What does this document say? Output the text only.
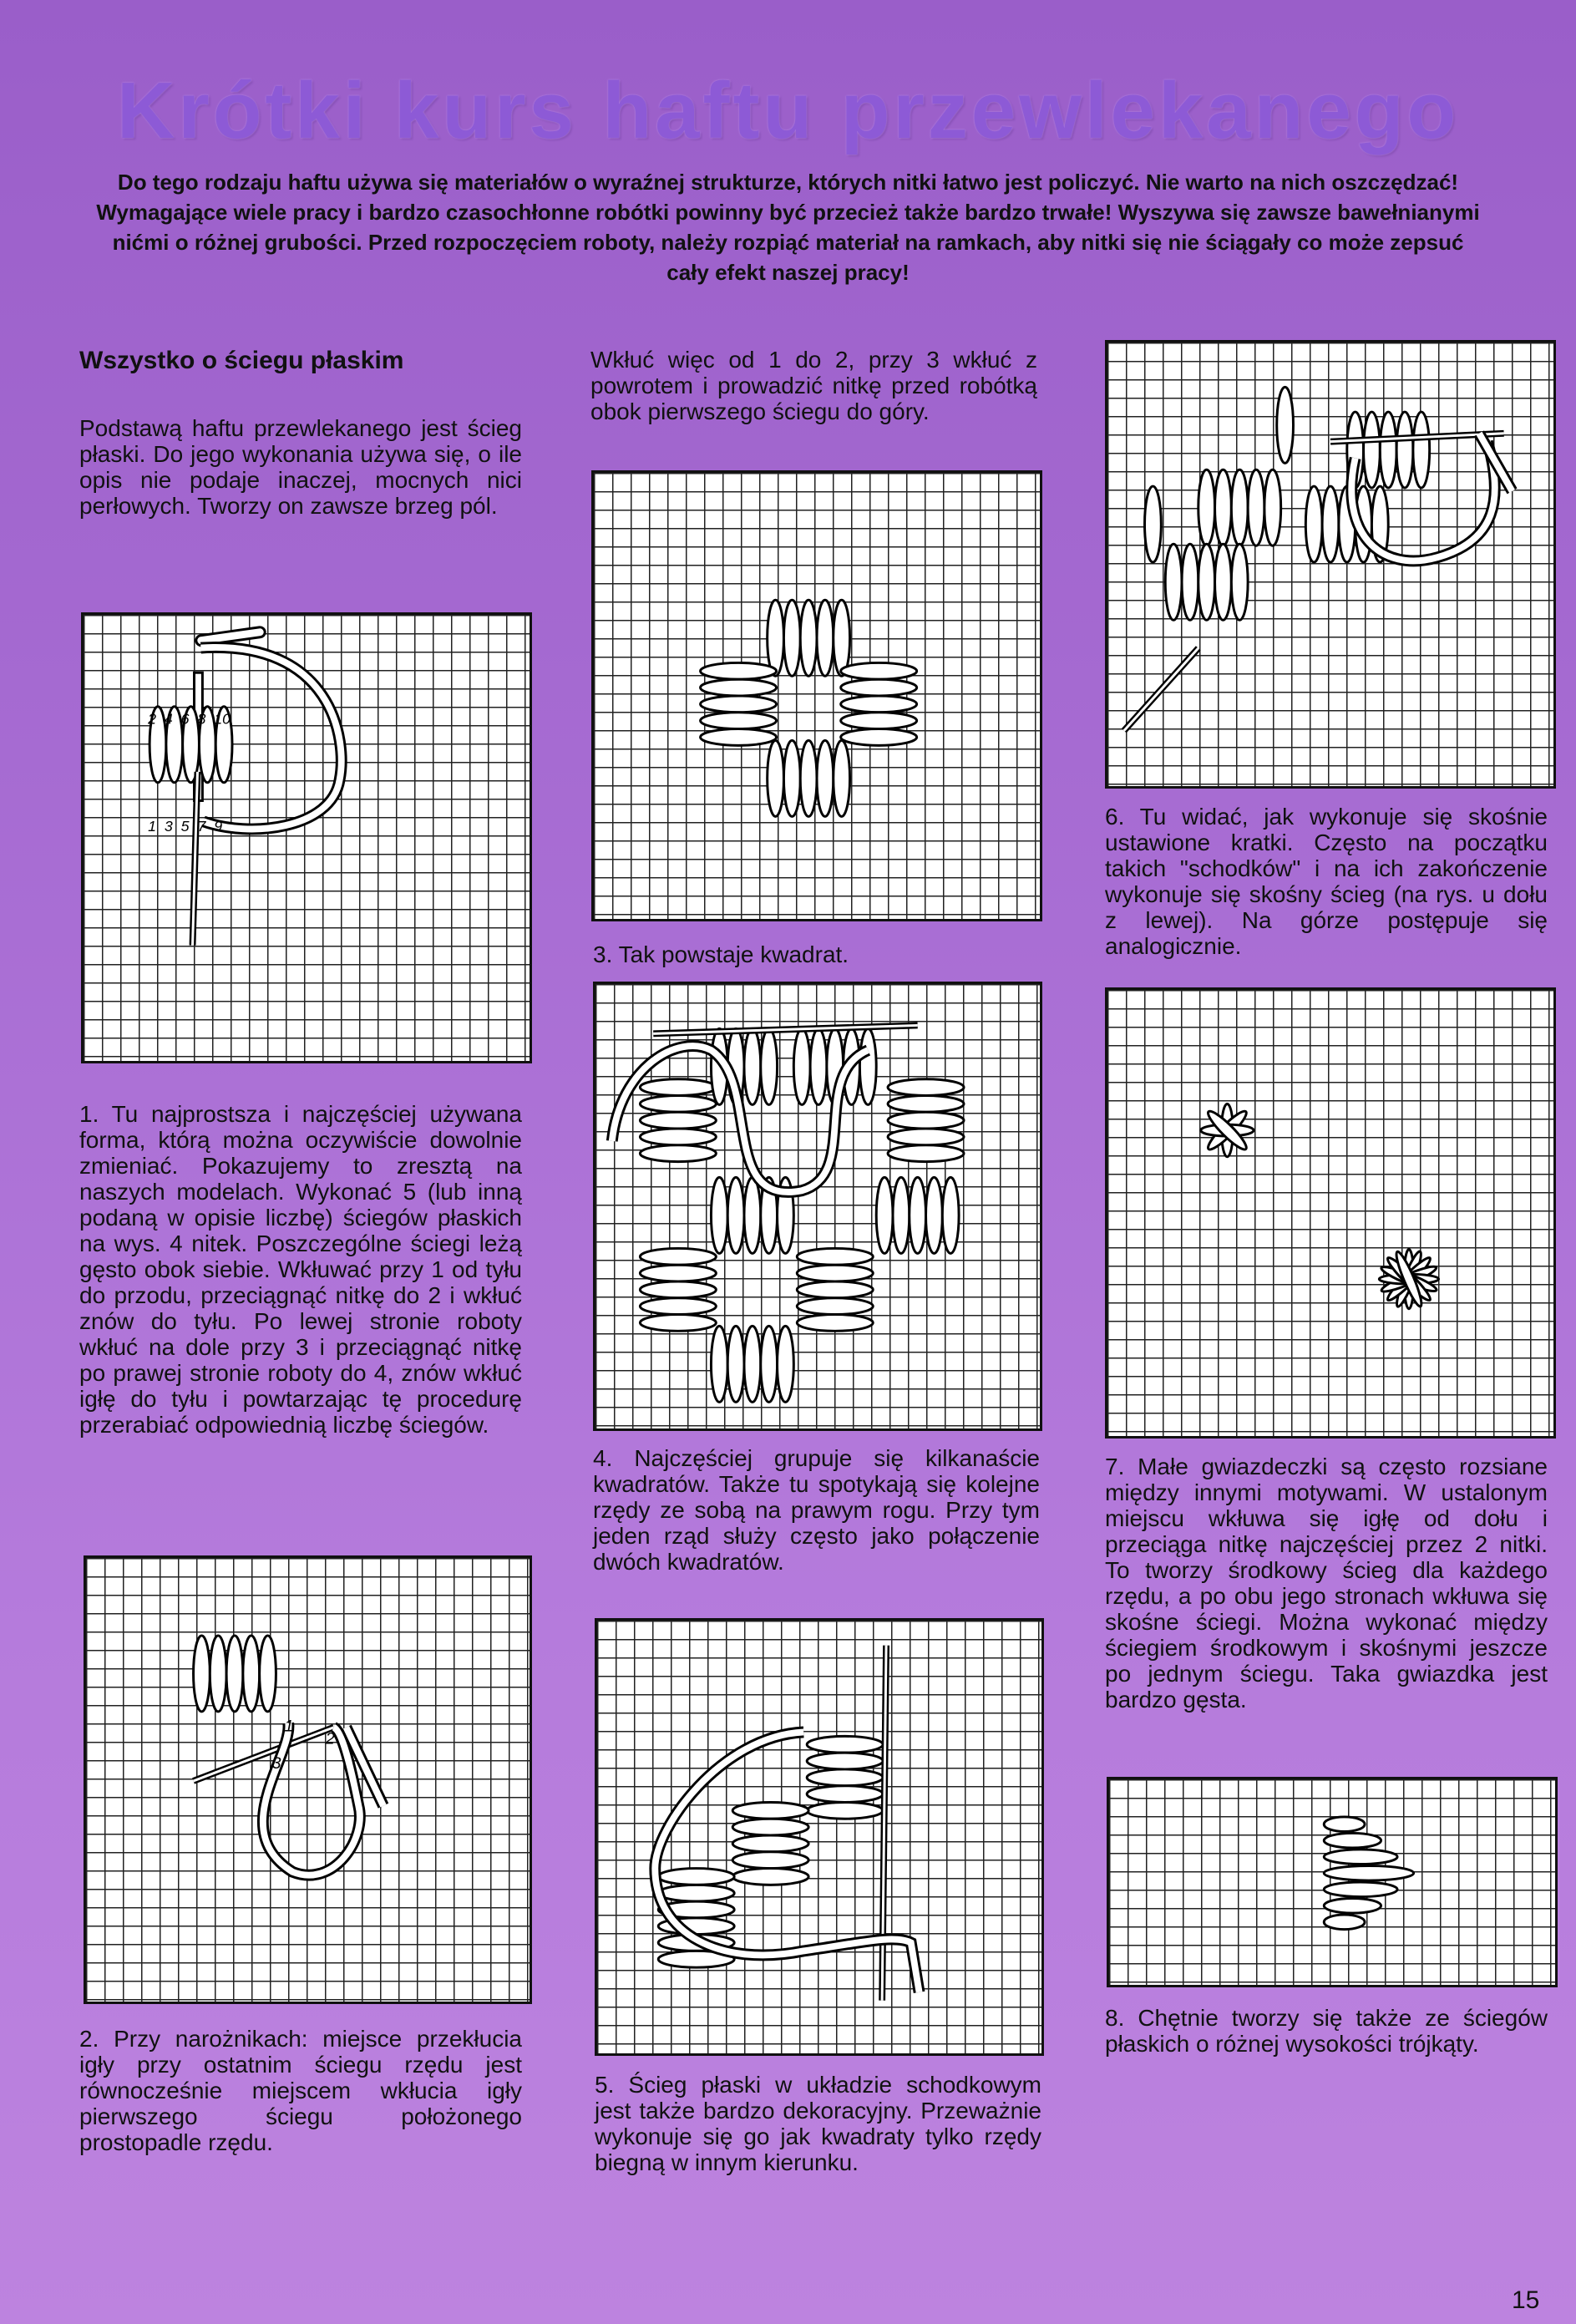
Krótki kurs haftu przewlekanego

Do tego rodzaju haftu używa się materiałów o wyraźnej strukturze, których nitki łatwo jest policzyć. Nie warto na nich oszczędzać! Wymagające wiele pracy i bardzo czasochłonne robótki powinny być przecież także bardzo trwałe! Wyszywa się zawsze bawełnianymi nićmi o różnej grubości. Przed rozpoczęciem roboty, należy rozpiąć materiał na ramkach, aby nitki się nie ściągały co może zepsuć cały efekt naszej pracy!

Wszystko o ściegu płaskim

Podstawą haftu przewlekanego jest ścieg płaski. Do jego wykonania używa się, o ile opis nie podaje inaczej, mocnych nici perłowych. Tworzy on zawsze brzeg pól.

2 4 6 8 10
1 3 5 7 9

1. Tu najprostsza i najczęściej używana forma, którą można oczywiście dowolnie zmieniać. Pokazujemy to zresztą na naszych modelach. Wykonać 5 (lub inną podaną w opisie liczbę) ściegów płaskich na wys. 4 nitek. Poszczególne ściegi leżą gęsto obok siebie. Wkłuwać przy 1 od tyłu do przodu, przeciągnąć nitkę do 2 i wkłuć znów do tyłu. Po lewej stronie roboty wkłuć na dole przy 3 i przeciągnąć nitkę po prawej stronie roboty do 4, znów wkłuć igłę do tyłu i powtarzając tę procedurę przerabiać odpowiednią liczbę ściegów.

1
2
3

2. Przy narożnikach: miejsce przekłucia igły przy ostatnim ściegu rzędu jest równocześnie miejscem wkłucia igły pierwszego ściegu położonego prostopadle rzędu.

Wkłuć więc od 1 do 2, przy 3 wkłuć z powrotem i prowadzić nitkę przed robótką obok pierwszego ściegu do góry.

3. Tak powstaje kwadrat.

4. Najczęściej grupuje się kilkanaście kwadratów. Także tu spotykają się kolejne rzędy ze sobą na prawym rogu. Przy tym jeden rząd służy często jako połączenie dwóch kwadratów.

5. Ścieg płaski w układzie schodkowym jest także bardzo dekoracyjny. Przeważnie wykonuje się go jak kwadraty tylko rzędy biegną w innym kierunku.

6. Tu widać, jak wykonuje się skośnie ustawione kratki. Często na początku takich "schodków" i na ich zakończenie wykonuje się skośny ścieg (na rys. u dołu z lewej). Na górze postępuje się analogicznie.

7. Małe gwiazdeczki są często rozsiane między innymi motywami. W ustalonym miejscu wkłuwa się igłę od dołu i przeciąga nitkę najczęściej przez 2 nitki. To tworzy środkowy ścieg dla każdego rzędu, a po obu jego stronach wkłuwa się skośne ściegi. Można wykonać między ściegiem środkowym i skośnymi jeszcze po jednym ściegu. Taka gwiazdka jest bardzo gęsta.

8. Chętnie tworzy się także ze ściegów płaskich o różnej wysokości trójkąty.

15
